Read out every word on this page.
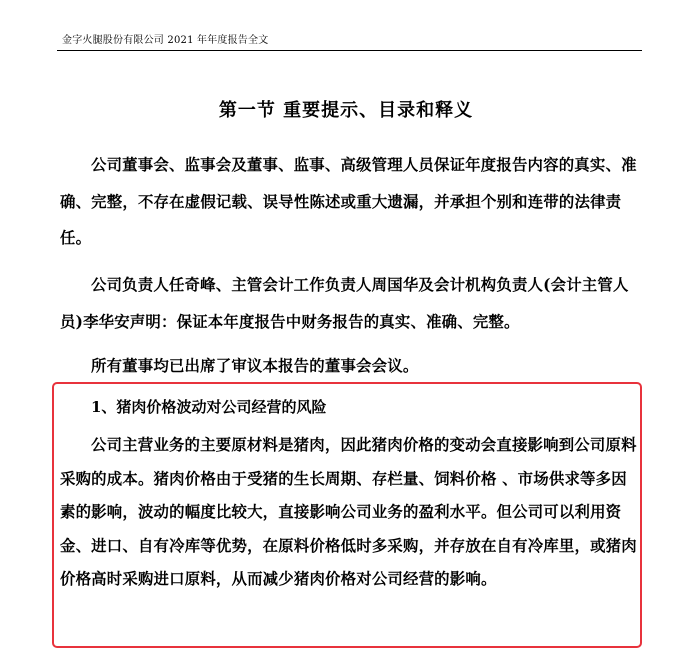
金字火腿股份有限公司 2021 年年度报告全文
第一节 重要提示、目录和释义
公司董事会、监事会及董事、监事、高级管理人员保证年度报告内容的真实、准确、完整，不存在虚假记载、误导性陈述或重大遗漏，并承担个别和连带的法律责任。
公司负责人任奇峰、主管会计工作负责人周国华及会计机构负责人(会计主管人员)李华安声明：保证本年度报告中财务报告的真实、准确、完整。
所有董事均已出席了审议本报告的董事会会议。
1、猪肉价格波动对公司经营的风险
公司主营业务的主要原材料是猪肉，因此猪肉价格的变动会直接影响到公司原料采购的成本。猪肉价格由于受猪的生长周期、存栏量、饲料价格 、市场供求等多因素的影响，波动的幅度比较大，直接影响公司业务的盈利水平。但公司可以利用资金、进口、自有冷库等优势，在原料价格低时多采购，并存放在自有冷库里，或猪肉价格高时采购进口原料，从而减少猪肉价格对公司经营的影响。
